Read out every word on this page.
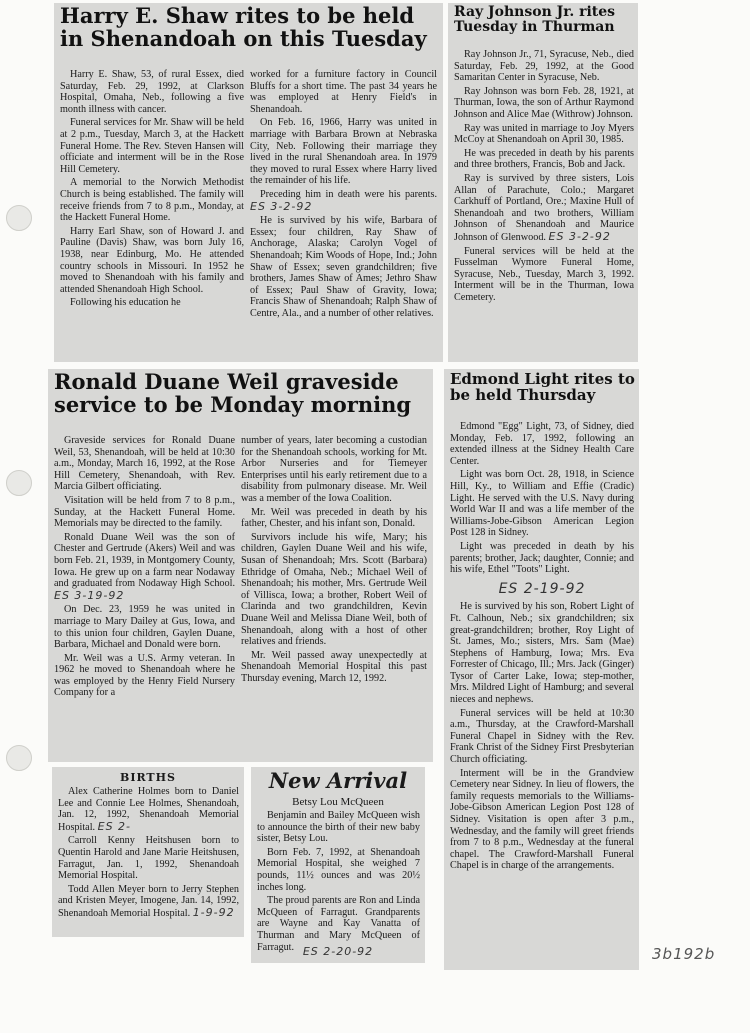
Harry E. Shaw rites to be held in Shenandoah on this Tuesday

Harry E. Shaw, 53, of rural Essex, died Saturday, Feb. 29, 1992, at Clarkson Hospital, Omaha, Neb., following a five month illness with cancer.

Funeral services for Mr. Shaw will be held at 2 p.m., Tuesday, March 3, at the Hackett Funeral Home. The Rev. Steven Hansen will officiate and interment will be in the Rose Hill Cemetery.

A memorial to the Norwich Methodist Church is being established. The family will receive friends from 7 to 8 p.m., Monday, at the Hackett Funeral Home.

Harry Earl Shaw, son of Howard J. and Pauline (Davis) Shaw, was born July 16, 1938, near Edinburg, Mo. He attended country schools in Missouri. In 1952 he moved to Shenandoah with his family and attended Shenandoah High School.

Following his education he

worked for a furniture factory in Council Bluffs for a short time. The past 34 years he was employed at Henry Field's in Shenandoah.

On Feb. 16, 1966, Harry was united in marriage with Barbara Brown at Nebraska City, Neb. Following their marriage they lived in the rural Shenandoah area. In 1979 they moved to rural Essex where Harry lived the remainder of his life.

Preceding him in death were his parents. ES 3-2-92

He is survived by his wife, Barbara of Essex; four children, Ray Shaw of Anchorage, Alaska; Carolyn Vogel of Shenandoah; Kim Woods of Hope, Ind.; John Shaw of Essex; seven grandchildren; five brothers, James Shaw of Ames; Jethro Shaw of Essex; Paul Shaw of Gravity, Iowa; Francis Shaw of Shenandoah; Ralph Shaw of Centre, Ala., and a number of other relatives.

Ray Johnson Jr. rites Tuesday in Thurman

Ray Johnson Jr., 71, Syracuse, Neb., died Saturday, Feb. 29, 1992, at the Good Samaritan Center in Syracuse, Neb.

Ray Johnson was born Feb. 28, 1921, at Thurman, Iowa, the son of Arthur Raymond Johnson and Alice Mae (Withrow) Johnson.

Ray was united in marriage to Joy Myers McCoy at Shenandoah on April 30, 1985.

He was preceded in death by his parents and three brothers, Francis, Bob and Jack.

Ray is survived by three sisters, Lois Allan of Parachute, Colo.; Margaret Carkhuff of Portland, Ore.; Maxine Hull of Shenandoah and two brothers, William Johnson of Shenandoah and Maurice Johnson of Glenwood. ES 3-2-92

Funeral services will be held at the Fusselman Wymore Funeral Home, Syracuse, Neb., Tuesday, March 3, 1992. Interment will be in the Thurman, Iowa Cemetery.

Ronald Duane Weil graveside service to be Monday morning

Graveside services for Ronald Duane Weil, 53, Shenandoah, will be held at 10:30 a.m., Monday, March 16, 1992, at the Rose Hill Cemetery, Shenandoah, with Rev. Marcia Gilbert officiating.

Visitation will be held from 7 to 8 p.m., Sunday, at the Hackett Funeral Home. Memorials may be directed to the family.

Ronald Duane Weil was the son of Chester and Gertrude (Akers) Weil and was born Feb. 21, 1939, in Montgomery County, Iowa. He grew up on a farm near Nodaway and graduated from Nodaway High School. ES 3-19-92

On Dec. 23, 1959 he was united in marriage to Mary Dailey at Gus, Iowa, and to this union four children, Gaylen Duane, Barbara, Michael and Donald were born.

Mr. Weil was a U.S. Army veteran. In 1962 he moved to Shenandoah where he was employed by the Henry Field Nursery Company for a

number of years, later becoming a custodian for the Shenandoah schools, working for Mt. Arbor Nurseries and for Tiemeyer Enterprises until his early retirement due to a disability from pulmonary disease. Mr. Weil was a member of the Iowa Coalition.

Mr. Weil was preceded in death by his father, Chester, and his infant son, Donald.

Survivors include his wife, Mary; his children, Gaylen Duane Weil and his wife, Susan of Shenandoah; Mrs. Scott (Barbara) Ethridge of Omaha, Neb.; Michael Weil of Shenandoah; his mother, Mrs. Gertrude Weil of Villisca, Iowa; a brother, Robert Weil of Clarinda and two grandchildren, Kevin Duane Weil and Melissa Diane Weil, both of Shenandoah, along with a host of other relatives and friends.

Mr. Weil passed away unexpectedly at Shenandoah Memorial Hospital this past Thursday evening, March 12, 1992.

Edmond Light rites to be held Thursday

Edmond "Egg" Light, 73, of Sidney, died Monday, Feb. 17, 1992, following an extended illness at the Sidney Health Care Center.

Light was born Oct. 28, 1918, in Science Hill, Ky., to William and Effie (Cradic) Light. He served with the U.S. Navy during World War II and was a life member of the Williams-Jobe-Gibson American Legion Post 128 in Sidney.

Light was preceded in death by his parents; brother, Jack; daughter, Connie; and his wife, Ethel "Toots" Light.

ES 2-19-92

He is survived by his son, Robert Light of Ft. Calhoun, Neb.; six grandchildren; six great-grandchildren; brother, Roy Light of St. James, Mo.; sisters, Mrs. Sam (Mae) Stephens of Hamburg, Iowa; Mrs. Eva Forrester of Chicago, Ill.; Mrs. Jack (Ginger) Tysor of Carter Lake, Iowa; step-mother, Mrs. Mildred Light of Hamburg; and several nieces and nephews.

Funeral services will be held at 10:30 a.m., Thursday, at the Crawford-Marshall Funeral Chapel in Sidney with the Rev. Frank Christ of the Sidney First Presbyterian Church officiating.

Interment will be in the Grandview Cemetery near Sidney. In lieu of flowers, the family requests memorials to the Williams-Jobe-Gibson American Legion Post 128 of Sidney. Visitation is open after 3 p.m., Wednesday, and the family will greet friends from 7 to 8 p.m., Wednesday at the funeral chapel. The Crawford-Marshall Funeral Chapel is in charge of the arrangements.

BIRTHS

Alex Catherine Holmes born to Daniel Lee and Connie Lee Holmes, Shenandoah, Jan. 12, 1992, Shenandoah Memorial Hospital. ES 2-

Carroll Kenny Heitshusen born to Quentin Harold and Jane Marie Heitshusen, Farragut, Jan. 1, 1992, Shenandoah Memorial Hospital.

Todd Allen Meyer born to Jerry Stephen and Kristen Meyer, Imogene, Jan. 14, 1992, Shenandoah Memorial Hospital. 1-9-92

New Arrival
Betsy Lou McQueen

Benjamin and Bailey McQueen wish to announce the birth of their new baby sister, Betsy Lou.

Born Feb. 7, 1992, at Shenandoah Memorial Hospital, she weighed 7 pounds, 11½ ounces and was 20½ inches long.

The proud parents are Ron and Linda McQueen of Farragut. Grandparents are Wayne and Kay Vanatta of Thurman and Mary McQueen of Farragut. ES 2-20-92	3b192b
